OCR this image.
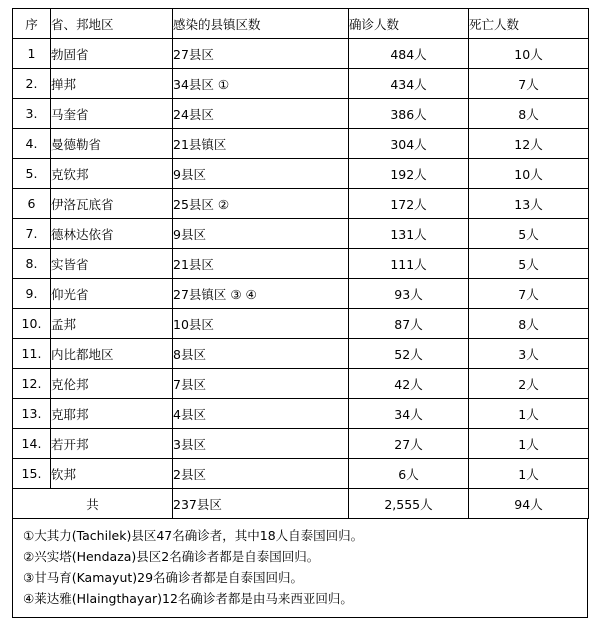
序	省、邦地区	感染的县镇区数	确诊人数	死亡人数
1	勃固省	27县区	484人	10人
2.	掸邦	34县区 ①	434人	7人
3.	马奎省	24县区	386人	8人
4.	曼德勒省	21县镇区	304人	12人
5.	克钦邦	9县区	192人	10人
6	伊洛瓦底省	25县区 ②	172人	13人
7.	德林达依省	9县区	131人	5人
8.	实皆省	21县区	111人	5人
9.	仰光省	27县镇区 ③ ④	93人	7人
10.	孟邦	10县区	87人	8人
11.	内比都地区	8县区	52人	3人
12.	克伦邦	7县区	42人	2人
13.	克耶邦	4县区	34人	1人
14.	若开邦	3县区	27人	1人
15.	钦邦	2县区	6人	1人
共		237县区	2,555人	94人
①大其力(Tachilek)县区47名确诊者，其中18人自泰国回归。
②兴实塔(Hendaza)县区2名确诊者都是自泰国回归。
③甘马育(Kamayut)29名确诊者都是自泰国回归。
④莱达雅(Hlaingthayar)12名确诊者都是由马来西亚回归。
